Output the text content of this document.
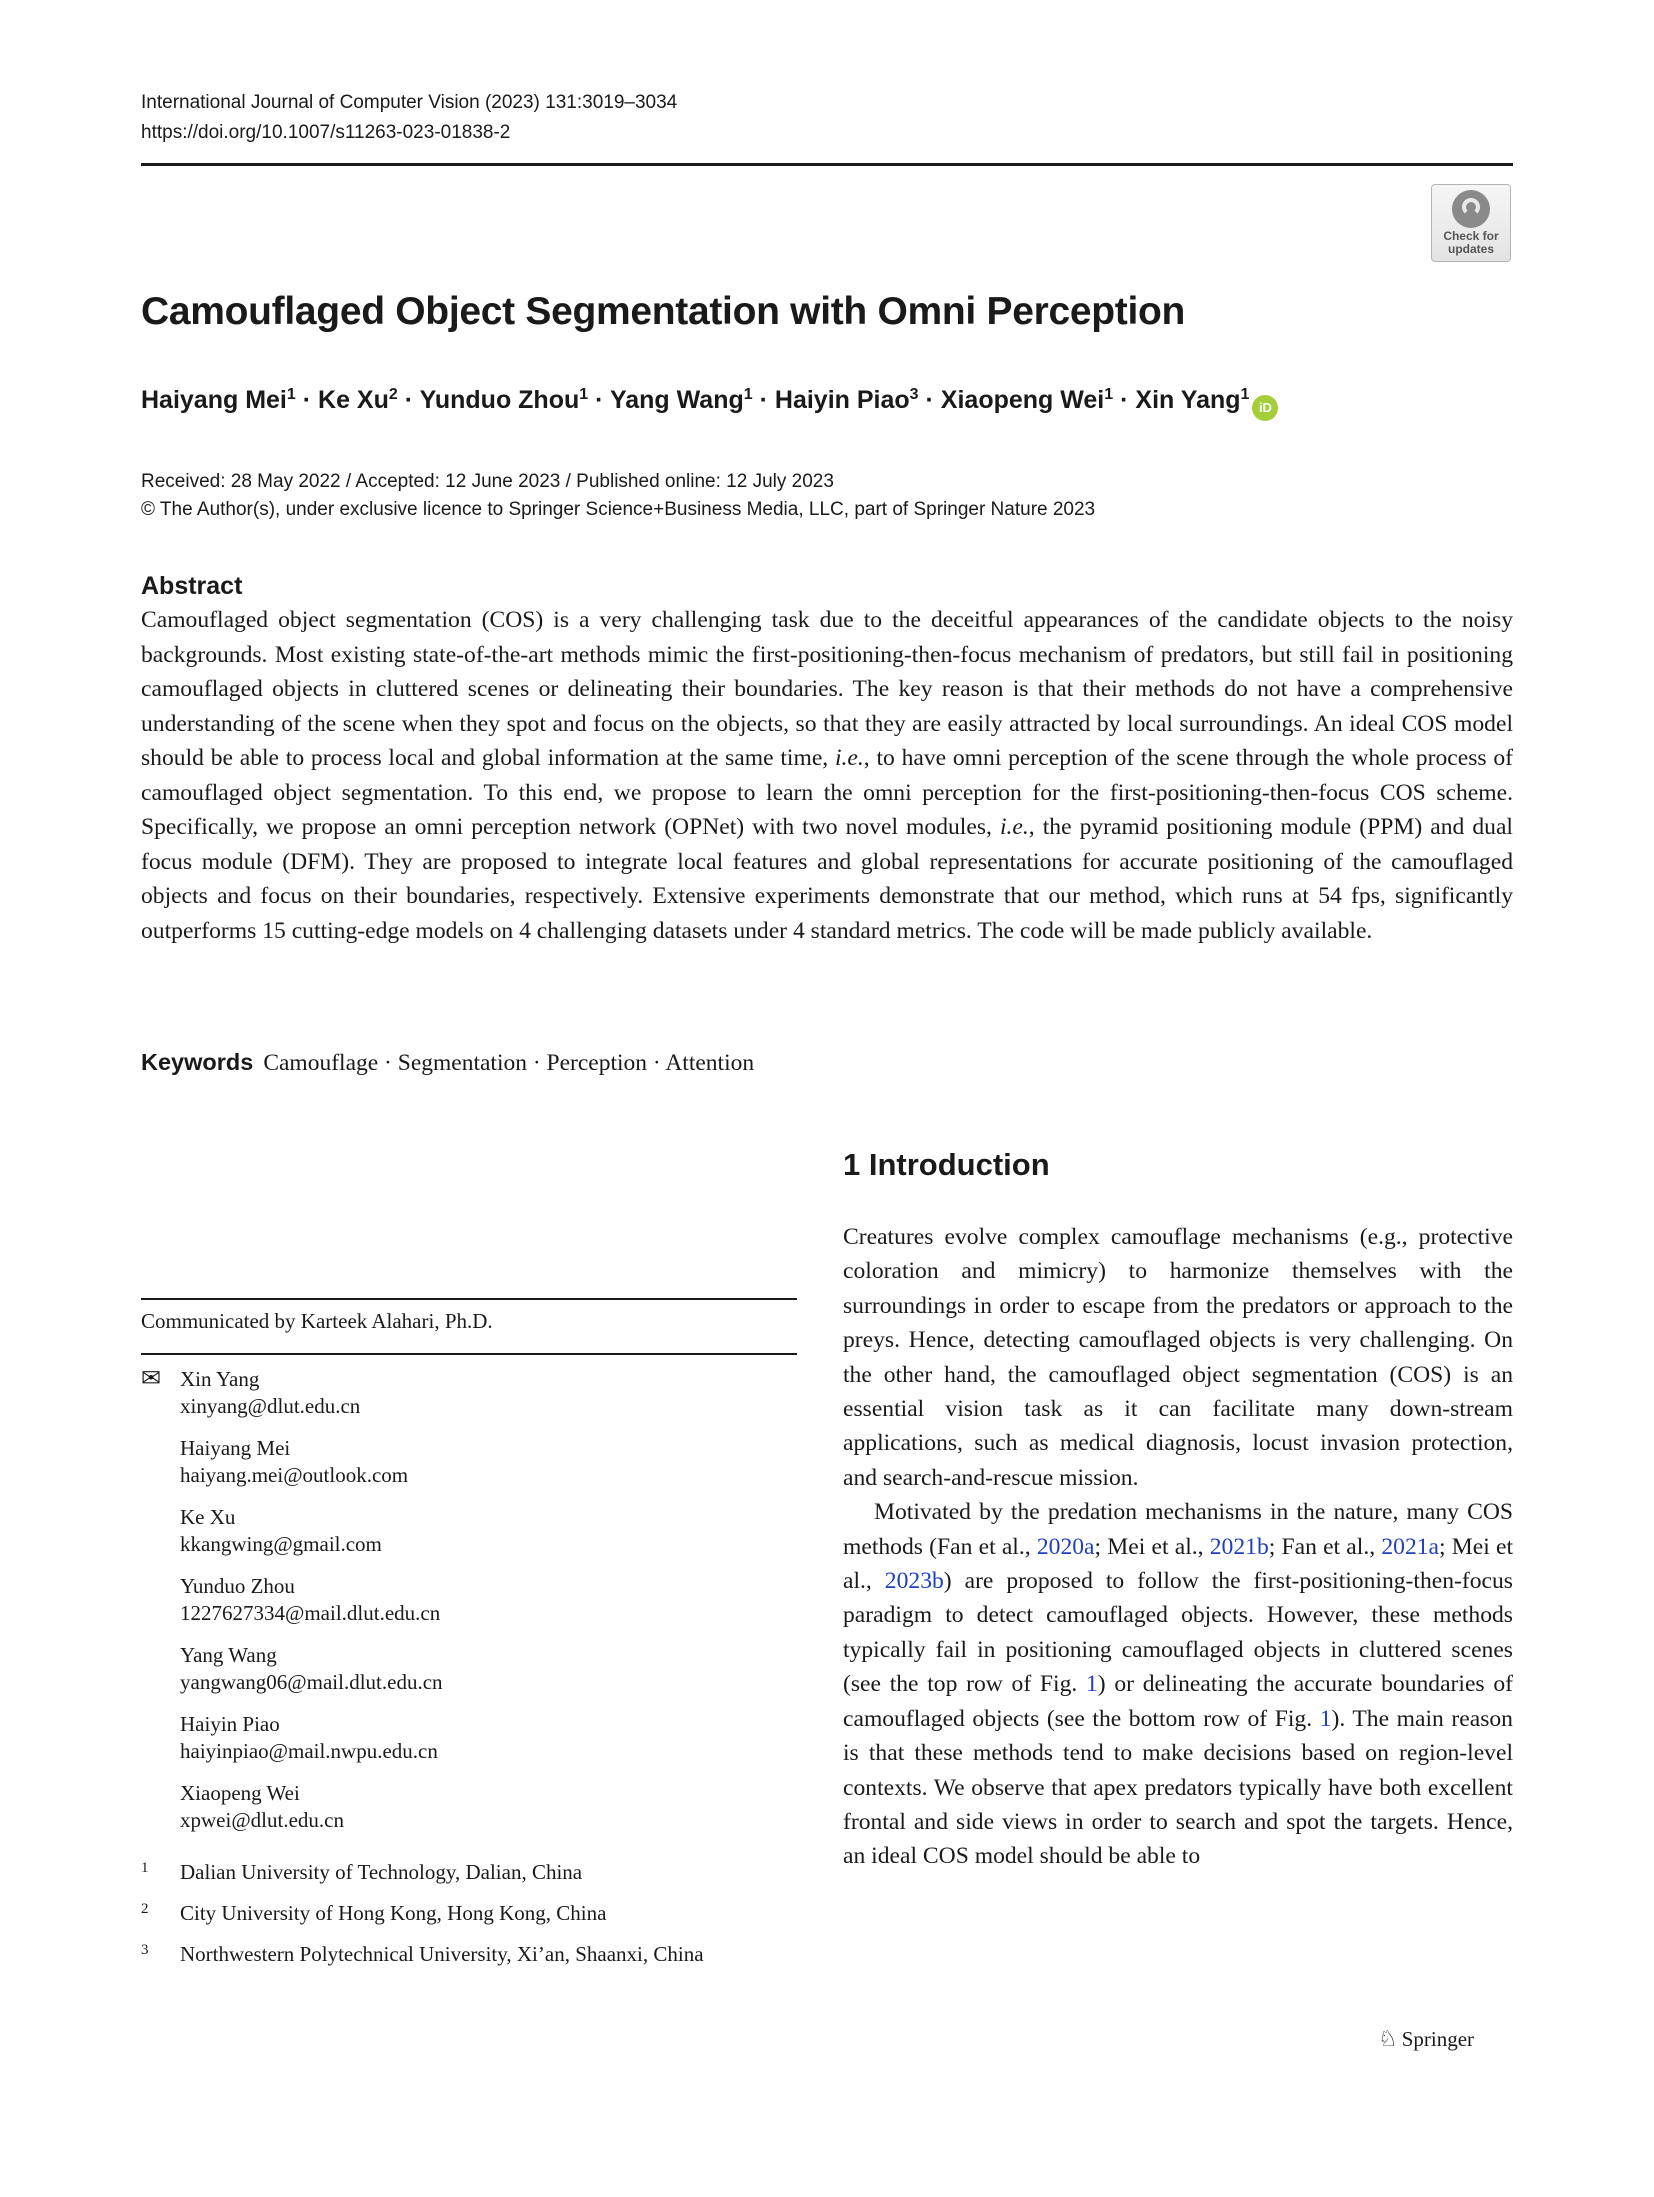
International Journal of Computer Vision (2023) 131:3019–3034
https://doi.org/10.1007/s11263-023-01838-2
Check for
updates
Camouflaged Object Segmentation with Omni Perception
Haiyang Mei$^1$ · Ke $Xu^2$ · Yunduo Zhou$^1$ · Yang Wang$^1$ · Haiyin Piao$^3$ · Xiaopeng Wei$^1$ · Xin Yang$^1$iD
Received: 28 May 2022 / Accepted: 12 June 2023 / Published online: 12 July 2023
© The Author(s), under exclusive licence to Springer Science+Business Media, LLC, part of Springer Nature 2023
Abstract
Camouflaged object segmentation (COS) is a very challenging task due to the deceitful appearances of the candidate objects to the noisy backgrounds. Most existing state-of-the-art methods mimic the first-positioning-then-focus mechanism of predators, but still fail in positioning camouflaged objects in cluttered scenes or delineating their boundaries. The key reason is that their methods do not have a comprehensive understanding of the scene when they spot and focus on the objects, so that they are easily attracted by local surroundings. An ideal COS model should be able to process local and global information at the same time, i.e., to have omni perception of the scene through the whole process of camouflaged object segmentation. To this end, we propose to learn the omni perception for the first-positioning-then-focus COS scheme. Specifically, we propose an omni perception network (OPNet) with two novel modules, i.e., the pyramid positioning module (PPM) and dual focus module (DFM). They are proposed to integrate local features and global representations for accurate positioning of the camouflaged objects and focus on their boundaries, respectively. Extensive experiments demonstrate that our method, which runs at 54 fps, significantly outperforms 15 cutting-edge models on 4 challenging datasets under 4 standard metrics. The code will be made publicly available.
Keywords Camouflage · Segmentation · Perception · Attention
1 Introduction

Creatures evolve complex camouflage mechanisms (e.g., protective coloration and mimicry) to harmonize themselves with the surroundings in order to escape from the predators or approach to the preys. Hence, detecting camouflaged objects is very challenging. On the other hand, the camouflaged object segmentation (COS) is an essential vision task as it can facilitate many down-stream applications, such as medical diagnosis, locust invasion protection, and search-and-rescue mission.

Motivated by the predation mechanisms in the nature, many COS methods (Fan et al., 2020a; Mei et al., 2021b; Fan et al., 2021a; Mei et al., 2023b) are proposed to follow the first-positioning-then-focus paradigm to detect camouflaged objects. However, these methods typically fail in positioning camouflaged objects in cluttered scenes (see the top row of Fig. 1) or delineating the accurate boundaries of camouflaged objects (see the bottom row of Fig. 1). The main reason is that these methods tend to make decisions based on region-level contexts. We observe that apex predators typically have both excellent frontal and side views in order to search and spot the targets. Hence, an ideal COS model should be able to

Communicated by Karteek Alahari, Ph.D.
✉ Xin Yang
xinyang@dlut.edu.cn
Haiyang Mei
haiyang.mei@outlook.com
Ke Xu
kkangwing@gmail.com
Yunduo Zhou
1227627334@mail.dlut.edu.cn
Yang Wang
yangwang06@mail.dlut.edu.cn
Haiyin Piao
haiyinpiao@mail.nwpu.edu.cn
Xiaopeng Wei
xpwei@dlut.edu.cn
1 Dalian University of Technology, Dalian, China
2 City University of Hong Kong, Hong Kong, China
3 Northwestern Polytechnical University, Xi’an, Shaanxi, China
♘ Springer
